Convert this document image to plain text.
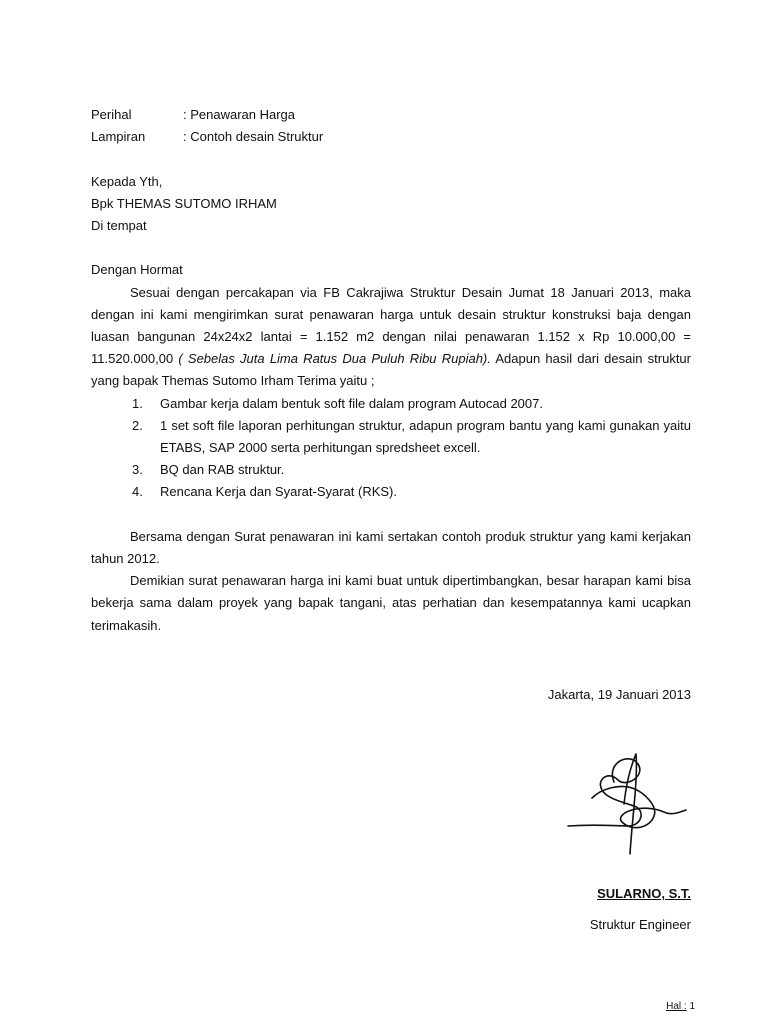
Perihal	: Penawaran Harga
Lampiran	: Contoh desain Struktur
Kepada Yth,
Bpk THEMAS SUTOMO IRHAM
Di tempat
Dengan Hormat
Sesuai dengan percakapan via FB Cakrajiwa Struktur Desain Jumat 18 Januari 2013, maka
dengan ini kami mengirimkan surat penawaran harga untuk desain struktur konstruksi baja dengan
luasan bangunan 24x24x2 lantai = 1.152 m2 dengan nilai penawaran 1.152 x Rp 10.000,00 =
11.520.000,00 ( Sebelas Juta Lima Ratus Dua Puluh Ribu Rupiah). Adapun hasil dari desain struktur
yang bapak Themas Sutomo Irham Terima yaitu ;
1.	Gambar kerja dalam bentuk soft file dalam program Autocad 2007.
2.	1 set soft file laporan perhitungan struktur, adapun program bantu yang kami gunakan yaitu
ETABS, SAP 2000 serta perhitungan spredsheet excell.
3.	BQ dan RAB struktur.
4.	Rencana Kerja dan Syarat-Syarat (RKS).
Bersama dengan Surat penawaran ini kami sertakan contoh produk struktur yang kami kerjakan
tahun 2012.
Demikian surat penawaran harga ini kami buat untuk dipertimbangkan, besar harapan kami bisa
bekerja sama dalam proyek yang bapak tangani, atas perhatian dan kesempatannya kami ucapkan
terimakasih.
Jakarta, 19 Januari 2013
SULARNO, S.T.
Struktur Engineer
Hal : 1
